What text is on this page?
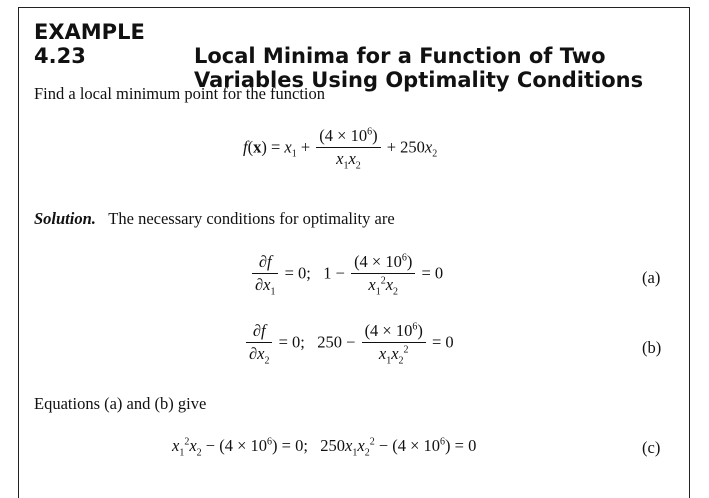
EXAMPLE 4.23	Local Minima for a Function of Two
Variables Using Optimality Conditions
Find a local minimum point for the function
$f(x) = x_1 + \frac{(4 \times 10^6)}{x_1x_2} + 250x_2$
Solution. The necessary conditions for optimality are
$\frac{\partial f}{\partial x_1} = 0$;   $1 - \frac{(4 \times 10^6)}{x_1^2x_2} = 0$	(a)
$\frac{\partial f}{\partial x_2} = 0$;   $250 - \frac{(4 \times 10^6)}{x_1x_2^2} = 0$	(b)
Equations (a) and (b) give
$x_1^2x_2 - (4 \times 10^6) = 0$;   $250x_1x_2^2 - (4 \times 10^6) = 0$	(c)
